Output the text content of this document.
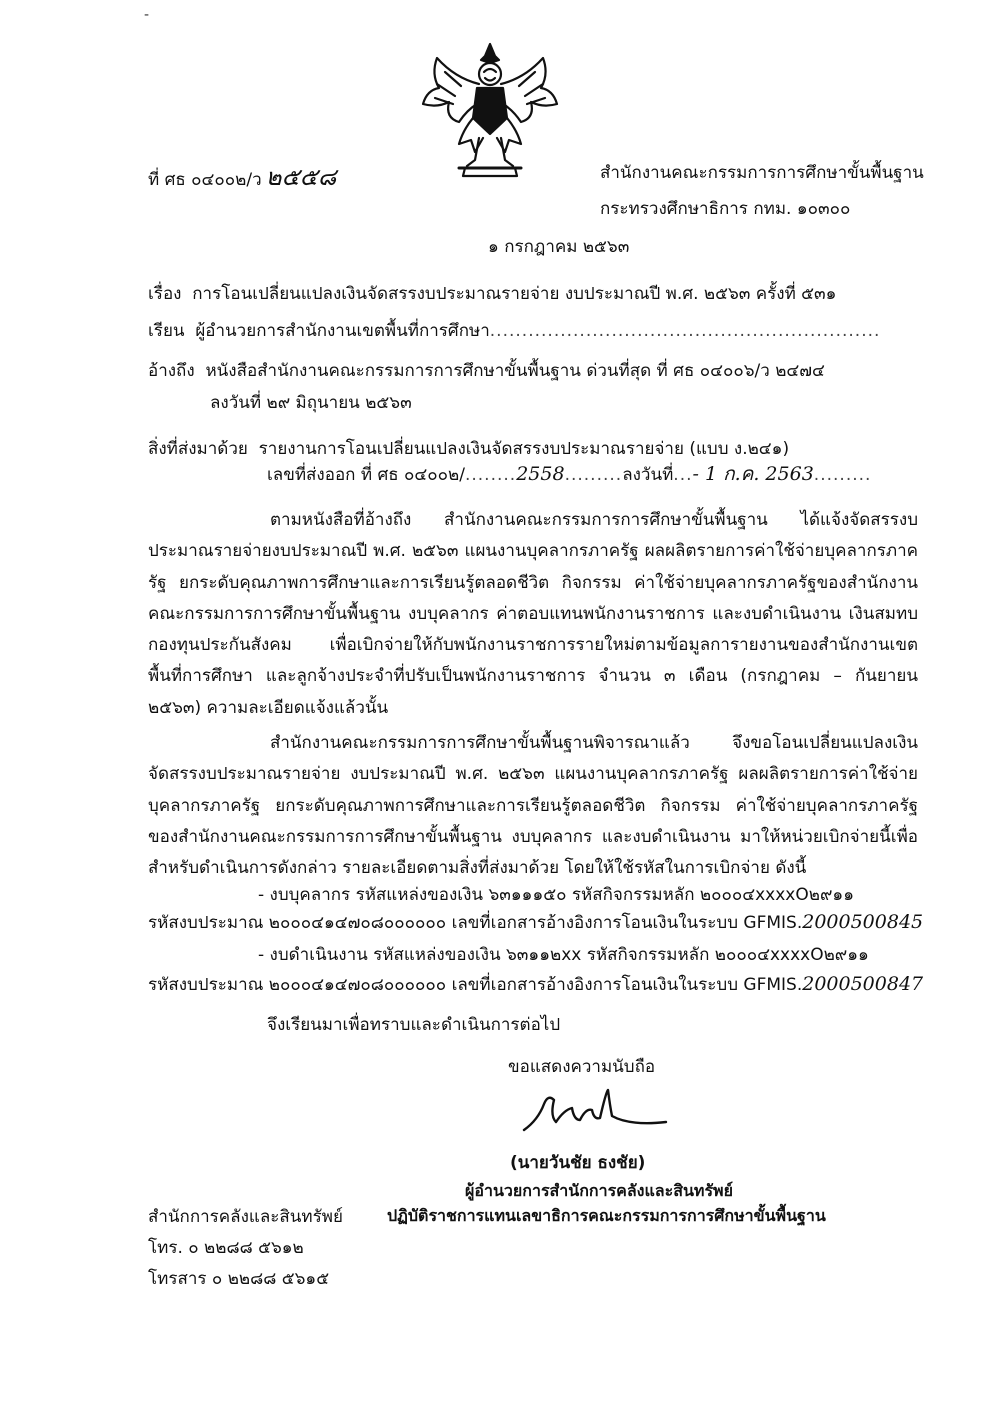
-
ที่ ศธ ๐๔๐๐๒/ว ๒๕๕๘	สำนักงานคณะกรรมการการศึกษาขั้นพื้นฐาน
กระทรวงศึกษาธิการ กทม. ๑๐๓๐๐
๑ กรกฎาคม ๒๕๖๓
เรื่อง การโอนเปลี่ยนแปลงเงินจัดสรรงบประมาณรายจ่าย งบประมาณปี พ.ศ. ๒๕๖๓ ครั้งที่ ๕๓๑
เรียน ผู้อำนวยการสำนักงานเขตพื้นที่การศึกษา.............................................................
อ้างถึง หนังสือสำนักงานคณะกรรมการการศึกษาขั้นพื้นฐาน ด่วนที่สุด ที่ ศธ ๐๔๐๐๖/ว ๒๔๗๔
ลงวันที่ ๒๙ มิถุนายน ๒๕๖๓
สิ่งที่ส่งมาด้วย รายงานการโอนเปลี่ยนแปลงเงินจัดสรรงบประมาณรายจ่าย (แบบ ง.๒๔๑)
เลขที่ส่งออก ที่ ศธ ๐๔๐๐๒/........2558.........ลงวันที่...- 1 ก.ค. 2563.........

ตามหนังสือที่อ้างถึง สำนักงานคณะกรรมการการศึกษาขั้นพื้นฐาน ได้แจ้งจัดสรรงบประมาณรายจ่ายงบประมาณปี พ.ศ. ๒๕๖๓ แผนงานบุคลากรภาครัฐ ผลผลิตรายการค่าใช้จ่ายบุคลากรภาครัฐ ยกระดับคุณภาพการศึกษาและการเรียนรู้ตลอดชีวิต กิจกรรม ค่าใช้จ่ายบุคลากรภาครัฐของสำนักงานคณะกรรมการการศึกษาขั้นพื้นฐาน งบบุคลากร ค่าตอบแทนพนักงานราชการ และงบดำเนินงาน เงินสมทบกองทุนประกันสังคม เพื่อเบิกจ่ายให้กับพนักงานราชการรายใหม่ตามข้อมูลการายงานของสำนักงานเขตพื้นที่การศึกษา และลูกจ้างประจำที่ปรับเป็นพนักงานราชการ จำนวน ๓ เดือน (กรกฎาคม – กันยายน ๒๕๖๓) ความละเอียดแจ้งแล้วนั้น

สำนักงานคณะกรรมการการศึกษาขั้นพื้นฐานพิจารณาแล้ว จึงขอโอนเปลี่ยนแปลงเงินจัดสรรงบประมาณรายจ่าย งบประมาณปี พ.ศ. ๒๕๖๓ แผนงานบุคลากรภาครัฐ ผลผลิตรายการค่าใช้จ่ายบุคลากรภาครัฐ ยกระดับคุณภาพการศึกษาและการเรียนรู้ตลอดชีวิต กิจกรรม ค่าใช้จ่ายบุคลากรภาครัฐของสำนักงานคณะกรรมการการศึกษาขั้นพื้นฐาน งบบุคลากร และงบดำเนินงาน มาให้หน่วยเบิกจ่ายนี้เพื่อสำหรับดำเนินการดังกล่าว รายละเอียดตามสิ่งที่ส่งมาด้วย โดยให้ใช้รหัสในการเบิกจ่าย ดังนี้

- งบบุคลากร รหัสแหล่งของเงิน ๖๓๑๑๑๕๐ รหัสกิจกรรมหลัก ๒๐๐๐๔xxxxO๒๙๑๑
รหัสงบประมาณ ๒๐๐๐๔๑๔๗๐๘๐๐๐๐๐๐ เลขที่เอกสารอ้างอิงการโอนเงินในระบบ GFMIS.2000500845
- งบดำเนินงาน รหัสแหล่งของเงิน ๖๓๑๑๒xx รหัสกิจกรรมหลัก ๒๐๐๐๔xxxxO๒๙๑๑
รหัสงบประมาณ ๒๐๐๐๔๑๔๗๐๘๐๐๐๐๐๐ เลขที่เอกสารอ้างอิงการโอนเงินในระบบ GFMIS.2000500847
จึงเรียนมาเพื่อทราบและดำเนินการต่อไป
ขอแสดงความนับถือ
(นายวันชัย ธงชัย)
ผู้อำนวยการสำนักการคลังและสินทรัพย์
ปฏิบัติราชการแทนเลขาธิการคณะกรรมการการศึกษาขั้นพื้นฐาน
สำนักการคลังและสินทรัพย์
โทร. ๐ ๒๒๘๘ ๕๖๑๒
โทรสาร ๐ ๒๒๘๘ ๕๖๑๕
